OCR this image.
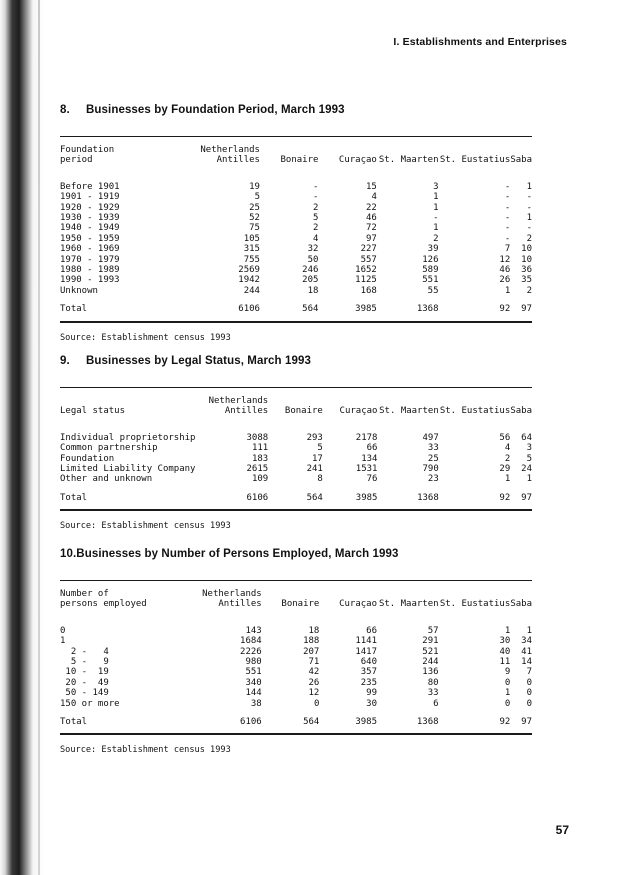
I. Establishments and Enterprises
8. Businesses by Foundation Period, March 1993

Foundation	Netherlands					
period	Antilles	Bonaire	Curaçao	St. Maarten	St. Eustatius	Saba

Before 1901	19	-	15	3	-	1
1901 - 1919	5	-	4	1	-	-
1920 - 1929	25	2	22	1	-	-
1930 - 1939	52	5	46	-	-	1
1940 - 1949	75	2	72	1	-	-
1950 - 1959	105	4	97	2	-	2
1960 - 1969	315	32	227	39	7	10
1970 - 1979	755	50	557	126	12	10
1980 - 1989	2569	246	1652	589	46	36
1990 - 1993	1942	205	1125	551	26	35
Unknown	244	18	168	55	1	2

Total	6106	564	3985	1368	92	97

Source: Establishment census 1993
9. Businesses by Legal Status, March 1993

	Netherlands					
Legal status	Antilles	Bonaire	Curaçao	St. Maarten	St. Eustatius	Saba

Individual proprietorship	3088	293	2178	497	56	64
Common partnership	111	5	66	33	4	3
Foundation	183	17	134	25	2	5
Limited Liability Company	2615	241	1531	790	29	24
Other and unknown	109	8	76	23	1	1

Total	6106	564	3985	1368	92	97

Source: Establishment census 1993
10.Businesses by Number of Persons Employed, March 1993

Number of	Netherlands					
persons employed	Antilles	Bonaire	Curaçao	St. Maarten	St. Eustatius	Saba

0	143	18	66	57	1	1
1	1684	188	1141	291	30	34
2 -   4	2226	207	1417	521	40	41
5 -   9	980	71	640	244	11	14
10 -  19	551	42	357	136	9	7
20 -  49	340	26	235	80	0	0
50 - 149	144	12	99	33	1	0
150 or more	38	0	30	6	0	0

Total	6106	564	3985	1368	92	97

Source: Establishment census 1993
57
